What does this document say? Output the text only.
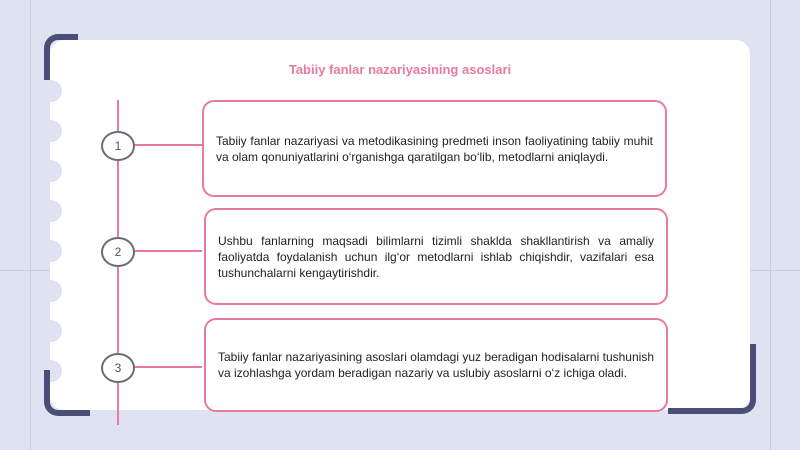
Tabiiy fanlar nazariyasining asoslari
1	Tabiiy fanlar nazariyasi va metodikasining predmeti inson faoliyatining tabiiy muhit va olam qonuniyatlarini o‘rganishga qaratilgan bo‘lib, metodlarni aniqlaydi.

2

Ushbu fanlarning maqsadi bilimlarni tizimli shaklda shakllantirish va amaliy faoliyatda foydalanish uchun ilg‘or metodlarni ishlab chiqishdir, vazifalari esa tushunchalarni kengaytirishdir.

3

Tabiiy fanlar nazariyasining asoslari olamdagi yuz beradigan hodisalarni tushunish va izohlashga yordam beradigan nazariy va uslubiy asoslarni o‘z ichiga oladi.
